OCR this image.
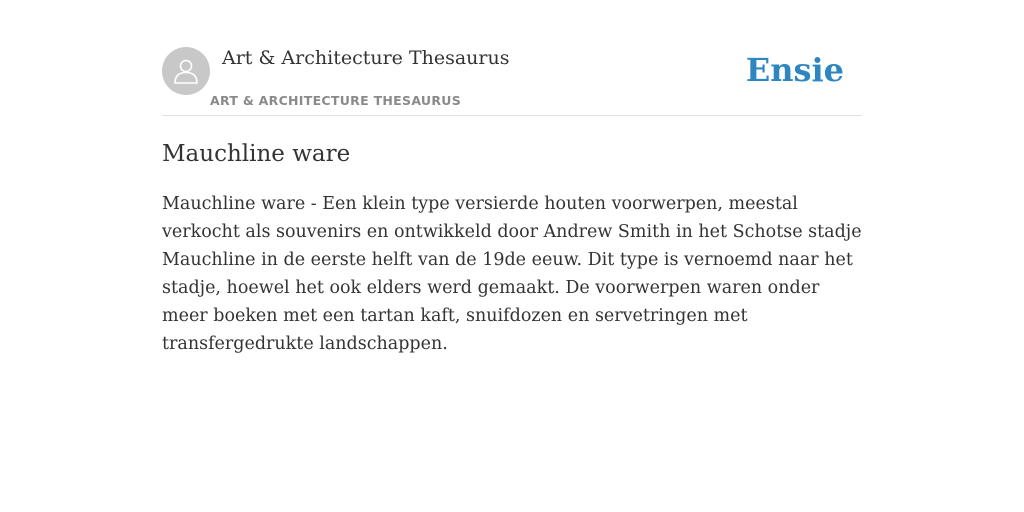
Art & Architecture Thesaurus
ART & ARCHITECTURE THESAURUS
Ensie
Mauchline ware

Mauchline ware - Een klein type versierde houten voorwerpen, meestal verkocht als souvenirs en ontwikkeld door Andrew Smith in het Schotse stadje Mauchline in de eerste helft van de 19de eeuw. Dit type is vernoemd naar het stadje, hoewel het ook elders werd gemaakt. De voorwerpen waren onder meer boeken met een tartan kaft, snuifdozen en servetringen met transfergedrukte landschappen.
